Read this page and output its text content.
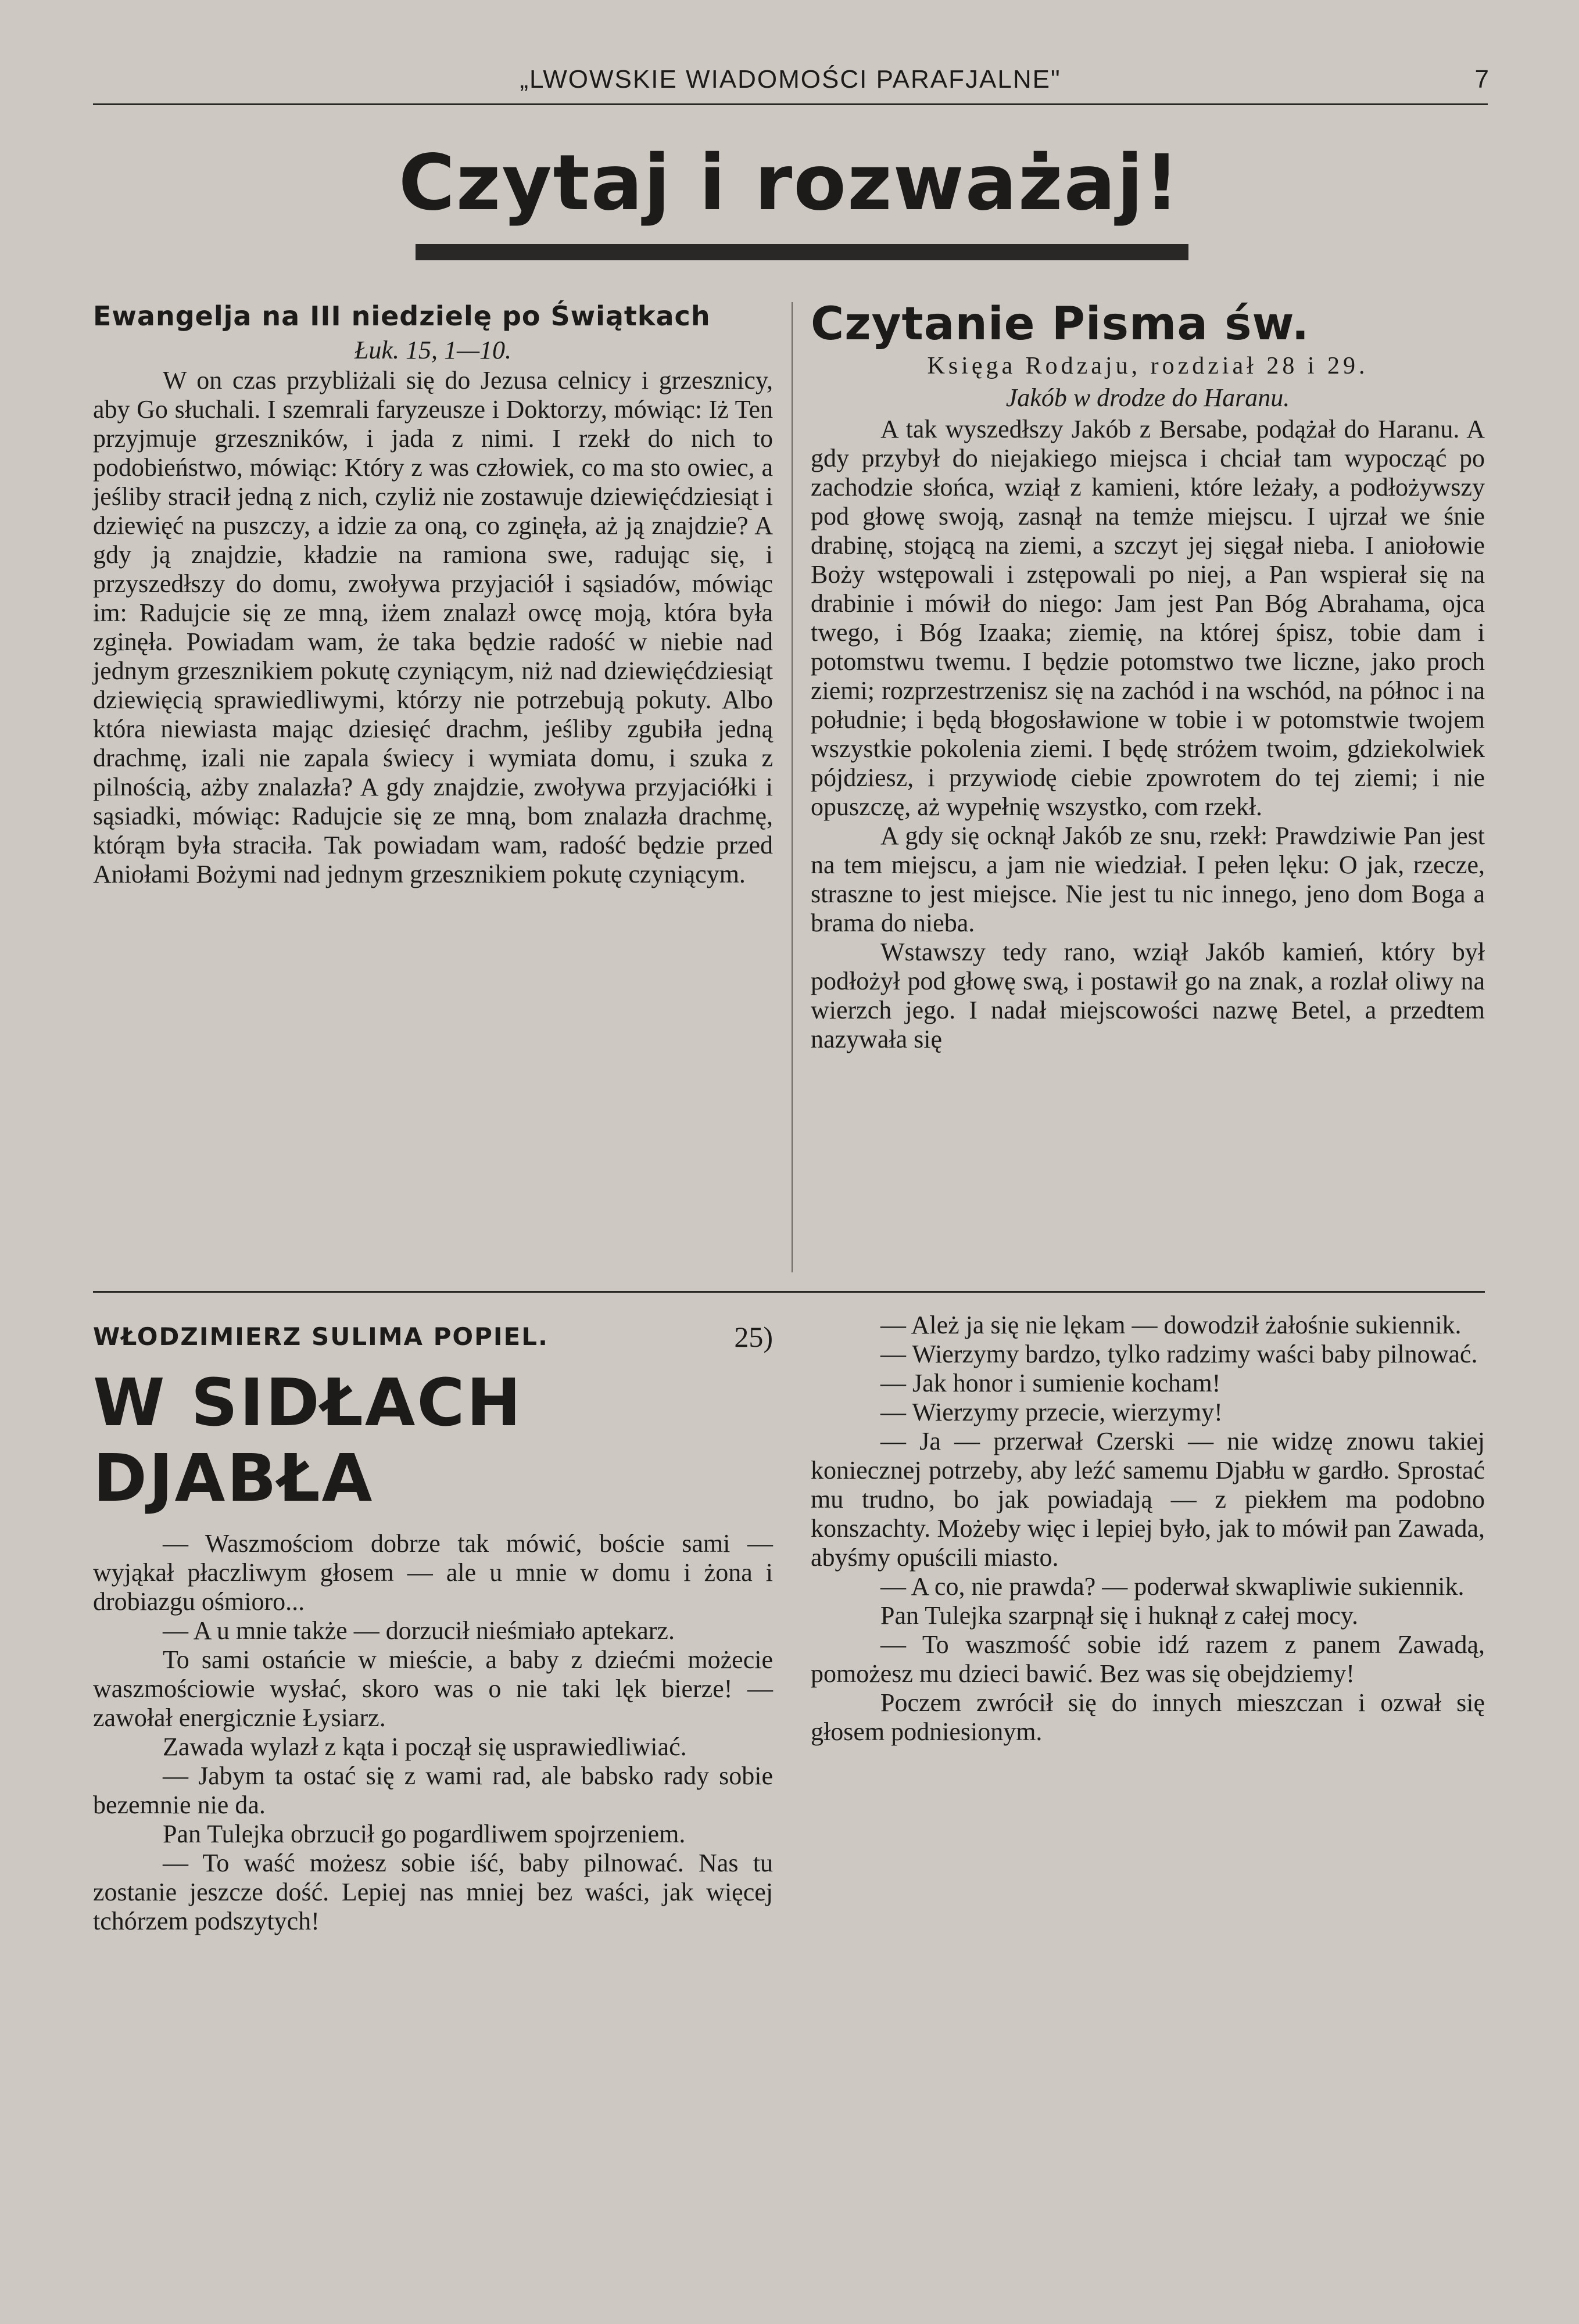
„LWOWSKIE WIADOMOŚCI PARAFJALNE"	7
Czytaj i rozważaj!
Ewangelja na III niedzielę po Świątkach
Łuk. 15, 1—10.

W on czas przybliżali się do Jezusa celnicy i grzesznicy, aby Go słuchali. I szemrali faryzeusze i Doktorzy, mówiąc: Iż Ten przyjmuje grzeszników, i jada z nimi. I rzekł do nich to podobieństwo, mówiąc: Który z was człowiek, co ma sto owiec, a jeśliby stracił jedną z nich, czyliż nie zostawuje dziewięćdziesiąt i dziewięć na puszczy, a idzie za oną, co zginęła, aż ją znajdzie? A gdy ją znajdzie, kładzie na ramiona swe, radując się, i przyszedłszy do domu, zwoływa przyjaciół i sąsiadów, mówiąc im: Radujcie się ze mną, iżem znalazł owcę moją, która była zginęła. Powiadam wam, że taka będzie radość w niebie nad jednym grzesznikiem pokutę czyniącym, niż nad dziewięćdziesiąt dziewięcią sprawiedliwymi, którzy nie potrzebują pokuty. Albo która niewiasta mając dziesięć drachm, jeśliby zgubiła jedną drachmę, izali nie zapala świecy i wymiata domu, i szuka z pilnością, ażby znalazła? A gdy znajdzie, zwoływa przyjaciółki i sąsiadki, mówiąc: Radujcie się ze mną, bom znalazła drachmę, którąm była straciła. Tak powiadam wam, radość będzie przed Aniołami Bożymi nad jednym grzesznikiem pokutę czyniącym.

Czytanie Pisma św.
Księga Rodzaju, rozdział 28 i 29.
Jakób w drodze do Haranu.

A tak wyszedłszy Jakób z Bersabe, podążał do Haranu. A gdy przybył do niejakiego miejsca i chciał tam wypocząć po zachodzie słońca, wziął z kamieni, które leżały, a podłożywszy pod głowę swoją, zasnął na temże miejscu. I ujrzał we śnie drabinę, stojącą na ziemi, a szczyt jej sięgał nieba. I aniołowie Boży wstępowali i zstępowali po niej, a Pan wspierał się na drabinie i mówił do niego: Jam jest Pan Bóg Abrahama, ojca twego, i Bóg Izaaka; ziemię, na której śpisz, tobie dam i potomstwu twemu. I będzie potomstwo twe liczne, jako proch ziemi; rozprzestrzenisz się na zachód i na wschód, na północ i na południe; i będą błogosławione w tobie i w potomstwie twojem wszystkie pokolenia ziemi. I będę stróżem twoim, gdziekolwiek pójdziesz, i przywiodę ciebie zpowrotem do tej ziemi; i nie opuszczę, aż wypełnię wszystko, com rzekł.

A gdy się ocknął Jakób ze snu, rzekł: Prawdziwie Pan jest na tem miejscu, a jam nie wiedział. I pełen lęku: O jak, rzecze, straszne to jest miejsce. Nie jest tu nic innego, jeno dom Boga a brama do nieba.

Wstawszy tedy rano, wziął Jakób kamień, który był podłożył pod głowę swą, i postawił go na znak, a rozlał oliwy na wierzch jego. I nadał miejscowości nazwę Betel, a przedtem nazywała się

WŁODZIMIERZ SULIMA POPIEL.	25)
W SIDŁACH DJABŁA

— Waszmościom dobrze tak mówić, boście sami — wyjąkał płaczliwym głosem — ale u mnie w domu i żona i drobiazgu ośmioro...

— A u mnie także — dorzucił nieśmiało aptekarz.

To sami ostańcie w mieście, a baby z dziećmi możecie waszmościowie wysłać, skoro was o nie taki lęk bierze! — zawołał energicznie Łysiarz.

Zawada wylazł z kąta i począł się usprawiedliwiać.

— Jabym ta ostać się z wami rad, ale babsko rady sobie bezemnie nie da.

Pan Tulejka obrzucił go pogardliwem spojrzeniem.

— To waść możesz sobie iść, baby pilnować. Nas tu zostanie jeszcze dość. Lepiej nas mniej bez waści, jak więcej tchórzem podszytych!

— Ależ ja się nie lękam — dowodził żałośnie sukiennik.

— Wierzymy bardzo, tylko radzimy waści baby pilnować.

— Jak honor i sumienie kocham!

— Wierzymy przecie, wierzymy!

— Ja — przerwał Czerski — nie widzę znowu takiej koniecznej potrzeby, aby leźć samemu Djabłu w gardło. Sprostać mu trudno, bo jak powiadają — z piekłem ma podobno konszachty. Możeby więc i lepiej było, jak to mówił pan Zawada, abyśmy opuścili miasto.

— A co, nie prawda? — poderwał skwapliwie sukiennik.

Pan Tulejka szarpnął się i huknął z całej mocy.

— To waszmość sobie idź razem z panem Zawadą, pomożesz mu dzieci bawić. Bez was się obejdziemy!

Poczem zwrócił się do innych mieszczan i ozwał się głosem podniesionym.
